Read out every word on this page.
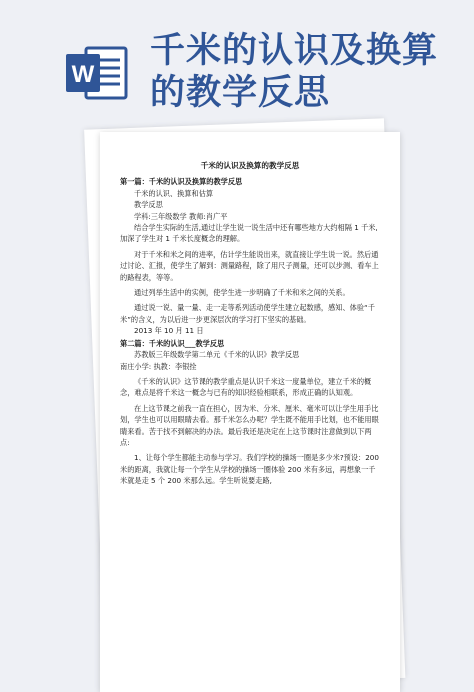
W
千米的认识及换算
的教学反思
千米的认识及换算的教学反思
第一篇：千米的认识及换算的教学反思
千米的认识、换算和估算
教学反思
学科:三年级数学 教师:肖广平
结合学生实际的生活,通过让学生说一说生活中还有哪些地方大约相隔 1 千米,加深了学生对 1 千米长度概念的理解。
对于千米和米之间的进率，估计学生能说出来，就直接让学生说一说。然后通过讨论、汇报，使学生了解到：测量路程，除了用尺子测量，还可以步测、看车上的路程表，等等。
通过列举生活中的实例，使学生进一步明确了千米和米之间的关系。
通过说一说、量一量、走一走等系列活动使学生建立起数感，感知、体验“千米”的含义，为以后进一步更深层次的学习打下坚实的基础。
2013 年 10 月 11 日
第二篇：千米的认识___教学反思
苏教版三年级数学第二单元《千米的认识》教学反思
南庄小学: 执教：李银拴
《千米的认识》这节课的教学重点是认识千米这一度量单位，建立千米的概念，难点是将千米这一概念与已有的知识经验相联系，形成正确的认知观。
在上这节课之前我一直在担心，因为米、分米、厘米、毫米可以让学生用手比划，学生也可以用眼睛去看。那千米怎么办呢？学生既不能用手比划，也不能用眼睛来看。苦于找不到解决的办法。最后我还是决定在上这节课时注意做到以下两点:
1、让每个学生都能主动参与学习。我们学校的操场一圈是多少米?预设：200 米的距离，我就让每一个学生从学校的操场一圈体验 200 米有多远，再想象一千米就是走 5 个 200 米那么远。学生听说要走路,
